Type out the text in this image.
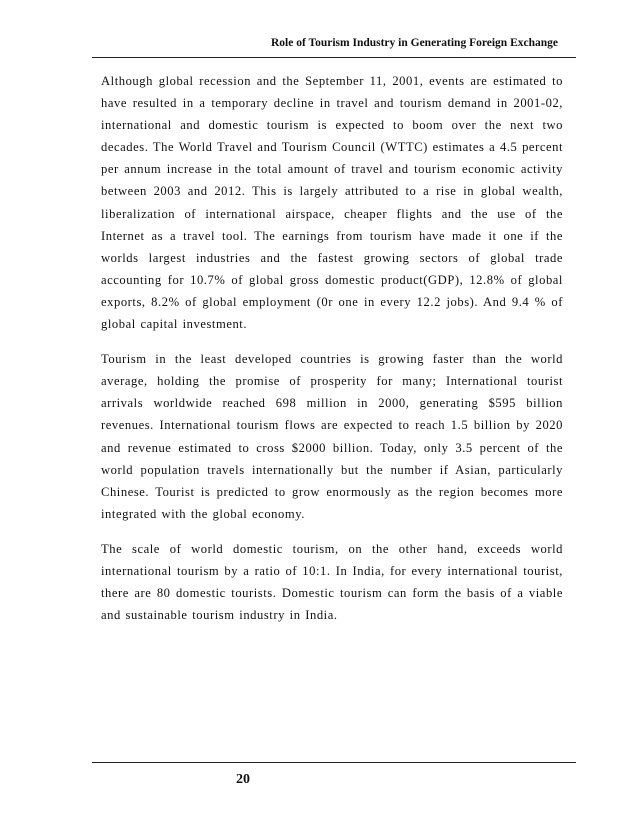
Role of Tourism Industry in Generating Foreign Exchange

Although global recession and the September 11, 2001, events are estimated to have resulted in a temporary decline in travel and tourism demand in 2001-02, international and domestic tourism is expected to boom over the next two decades. The World Travel and Tourism Council (WTTC) estimates a 4.5 percent per annum increase in the total amount of travel and tourism economic activity between 2003 and 2012. This is largely attributed to a rise in global wealth, liberalization of international airspace, cheaper flights and the use of the Internet as a travel tool. The earnings from tourism have made it one if the worlds largest industries and the fastest growing sectors of global trade accounting for 10.7% of global gross domestic product(GDP), 12.8% of global exports, 8.2% of global employment (0r one in every 12.2 jobs). And 9.4 % of global capital investment.

Tourism in the least developed countries is growing faster than the world average, holding the promise of prosperity for many; International tourist arrivals worldwide reached 698 million in 2000, generating $595 billion revenues. International tourism flows are expected to reach 1.5 billion by 2020 and revenue estimated to cross $2000 billion. Today, only 3.5 percent of the world population travels internationally but the number if Asian, particularly Chinese. Tourist is predicted to grow enormously as the region becomes more integrated with the global economy.

The scale of world domestic tourism, on the other hand, exceeds world international tourism by a ratio of 10:1. In India, for every international tourist, there are 80 domestic tourists. Domestic tourism can form the basis of a viable and sustainable tourism industry in India.

20
